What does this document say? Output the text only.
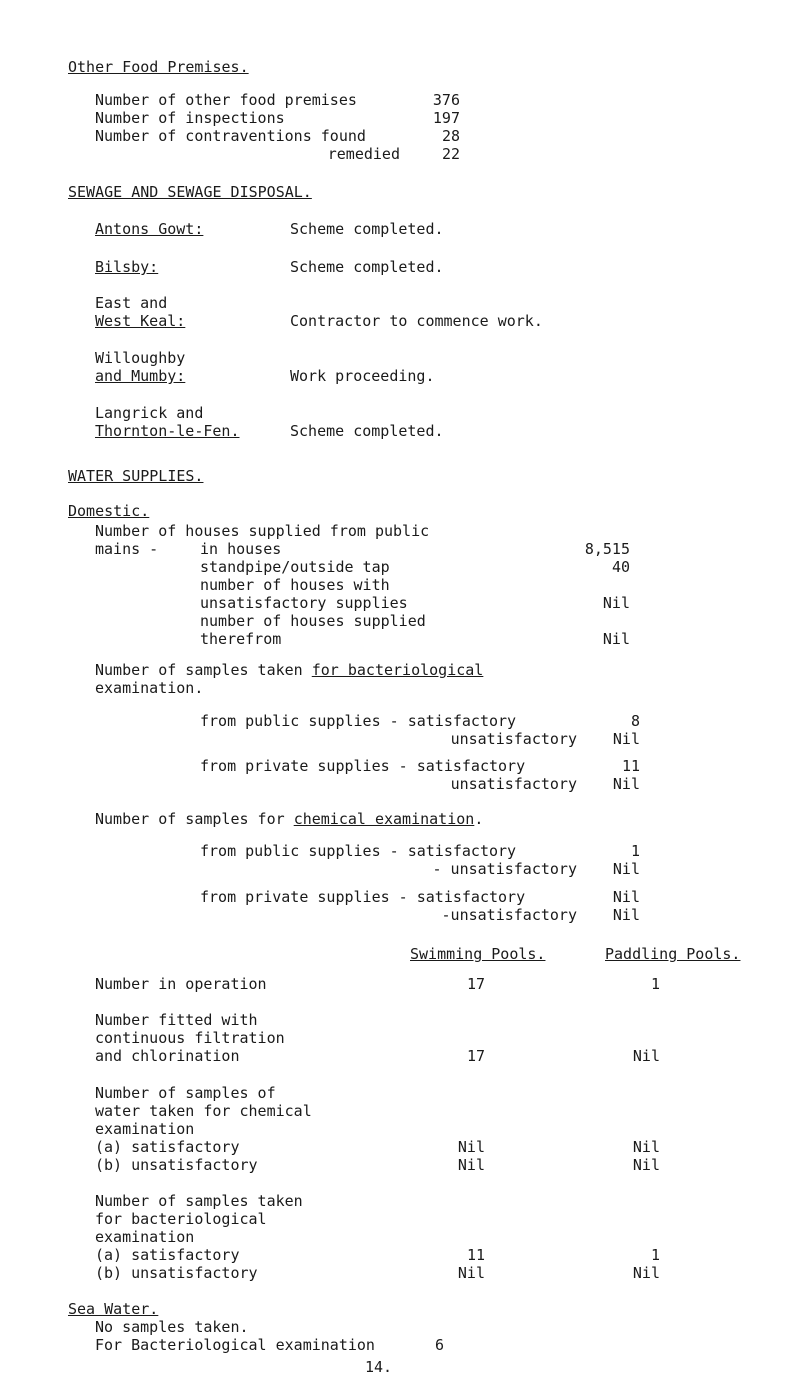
Other Food Premises.
Number of other food premises	376
Number of inspections	197
Number of contraventions found	28
remedied	22
SEWAGE AND SEWAGE DISPOSAL.
Antons Gowt:	Scheme completed.
Bilsby:	Scheme completed.
East and
West Keal:	Contractor to commence work.
Willoughby
and Mumby:	Work proceeding.
Langrick and
Thornton-le-Fen.	Scheme completed.
WATER SUPPLIES.
Domestic.
Number of houses supplied from public
mains -	in houses	8,515
standpipe/outside tap	40
number of houses with
unsatisfactory supplies	Nil
number of houses supplied
therefrom	Nil
Number of samples taken for bacteriological
examination.
from public supplies - satisfactory	8
unsatisfactory	Nil
from private supplies - satisfactory	11
unsatisfactory	Nil
Number of samples for chemical examination.
from public supplies - satisfactory	1
- unsatisfactory	Nil
from private supplies - satisfactory	Nil
-unsatisfactory	Nil
Swimming Pools.	Paddling Pools.
Number in operation	17	1
Number fitted with
continuous filtration
and chlorination	17	Nil
Number of samples of
water taken for chemical
examination
(a) satisfactory	Nil	Nil
(b) unsatisfactory	Nil	Nil
Number of samples taken
for bacteriological
examination
(a) satisfactory	11	1
(b) unsatisfactory	Nil	Nil
Sea Water.
No samples taken.
For Bacteriological examination	6
14.
